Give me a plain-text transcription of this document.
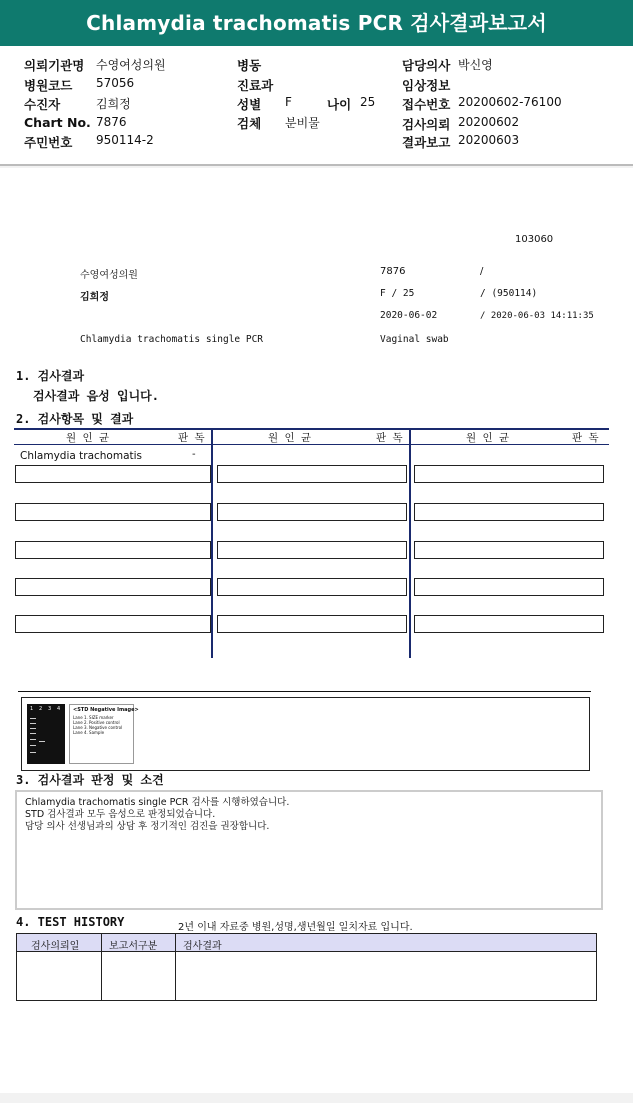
Chlamydia trachomatis PCR 검사결과보고서
의뢰기관명 수영여성의원	병동	담당의사 박신영
병원코드 57056	진료과	임상정보
수진자	김희정	성별 F	나이 25 접수번호 20200602-76100
Chart No. 7876	검체 분비물	검사의뢰 20200602
주민번호 950114-2	결과보고 20200603
103060
수영여성의원	7876	/
김희정	F / 25	/ (950114)
2020-06-02	/ 2020-06-03 14:11:35
Chlamydia trachomatis single PCR	Vaginal swab
1. 검사결과
검사결과 음성 입니다.
2. 검사항목 및 결과
원 인 균	판 독	원 인 균	판 독	원 인 균	판 독
Chlamydia trachomatis	-
1 2 3 4	<STD Negative Image>
Lane 1. SIZE marker
Lane 2. Positive control
Lane 3. Negative control
Lane 4. Sample
3. 검사결과 판정 및 소견
Chlamydia trachomatis single PCR 검사를 시행하였습니다.
STD 검사결과 모두 음성으로 판정되었습니다.
담당 의사 선생님과의 상담 후 정기적인 검진을 권장합니다.
4. TEST HISTORY	2년 이내 자료중 병원,성명,생년월일 일치자료 입니다.
검사의뢰일	보고서구분	검사결과
